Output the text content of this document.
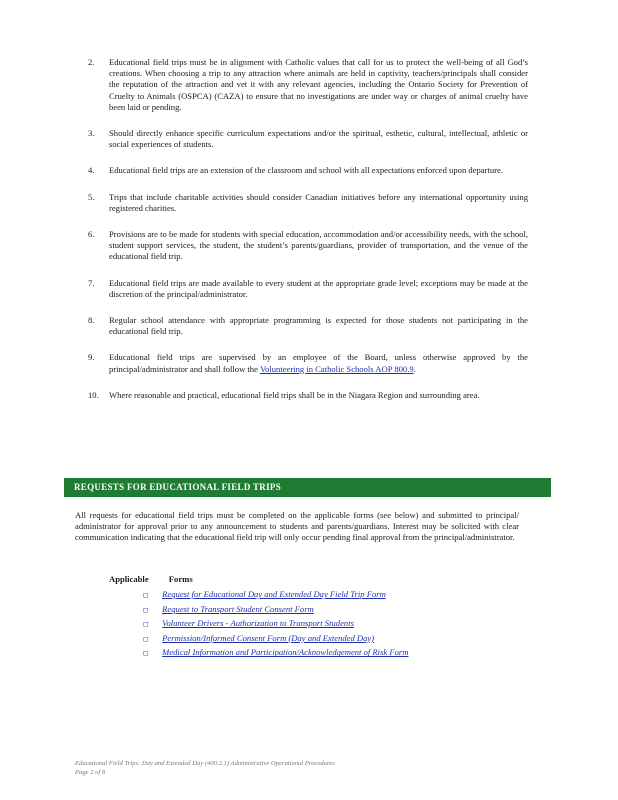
2. Educational field trips must be in alignment with Catholic values that call for us to protect the well-being of all God’s creations. When choosing a trip to any attraction where animals are held in captivity, teachers/principals shall consider the reputation of the attraction and vet it with any relevant agencies, including the Ontario Society for Prevention of Cruelty to Animals (OSPCA) (CAZA) to ensure that no investigations are under way or charges of animal cruelty have been laid or pending.
3. Should directly enhance specific curriculum expectations and/or the spiritual, esthetic, cultural, intellectual, athletic or social experiences of students.
4. Educational field trips are an extension of the classroom and school with all expectations enforced upon departure.
5. Trips that include charitable activities should consider Canadian initiatives before any international opportunity using registered charities.
6. Provisions are to be made for students with special education, accommodation and/or accessibility needs, with the school, student support services, the student, the student’s parents/guardians, provider of transportation, and the venue of the educational field trip.
7. Educational field trips are made available to every student at the appropriate grade level; exceptions may be made at the discretion of the principal/administrator.
8. Regular school attendance with appropriate programming is expected for those students not participating in the educational field trip.
9. Educational field trips are supervised by an employee of the Board, unless otherwise approved by the principal/administrator and shall follow the Volunteering in Catholic Schools AOP 800.9.
10. Where reasonable and practical, educational field trips shall be in the Niagara Region and surrounding area.
REQUESTS FOR EDUCATIONAL FIELD TRIPS

All requests for educational field trips must be completed on the applicable forms (see below) and submitted to principal/ administrator for approval prior to any announcement to students and parents/guardians. Interest may be solicited with clear communication indicating that the educational field trip will only occur pending final approval from the principal/administrator.

Applicable Forms
◻ Request for Educational Day and Extended Day Field Trip Form
◻ Request to Transport Student Consent Form
◻ Volunteer Drivers - Authorization to Transport Students
◻ Permission/Informed Consent Form (Day and Extended Day)
◻ Medical Information and Participation/Acknowledgement of Risk Form
Educational Field Trips: Day and Extended Day (400.2.1) Administrative Operational Procedures
Page 2 of 8
